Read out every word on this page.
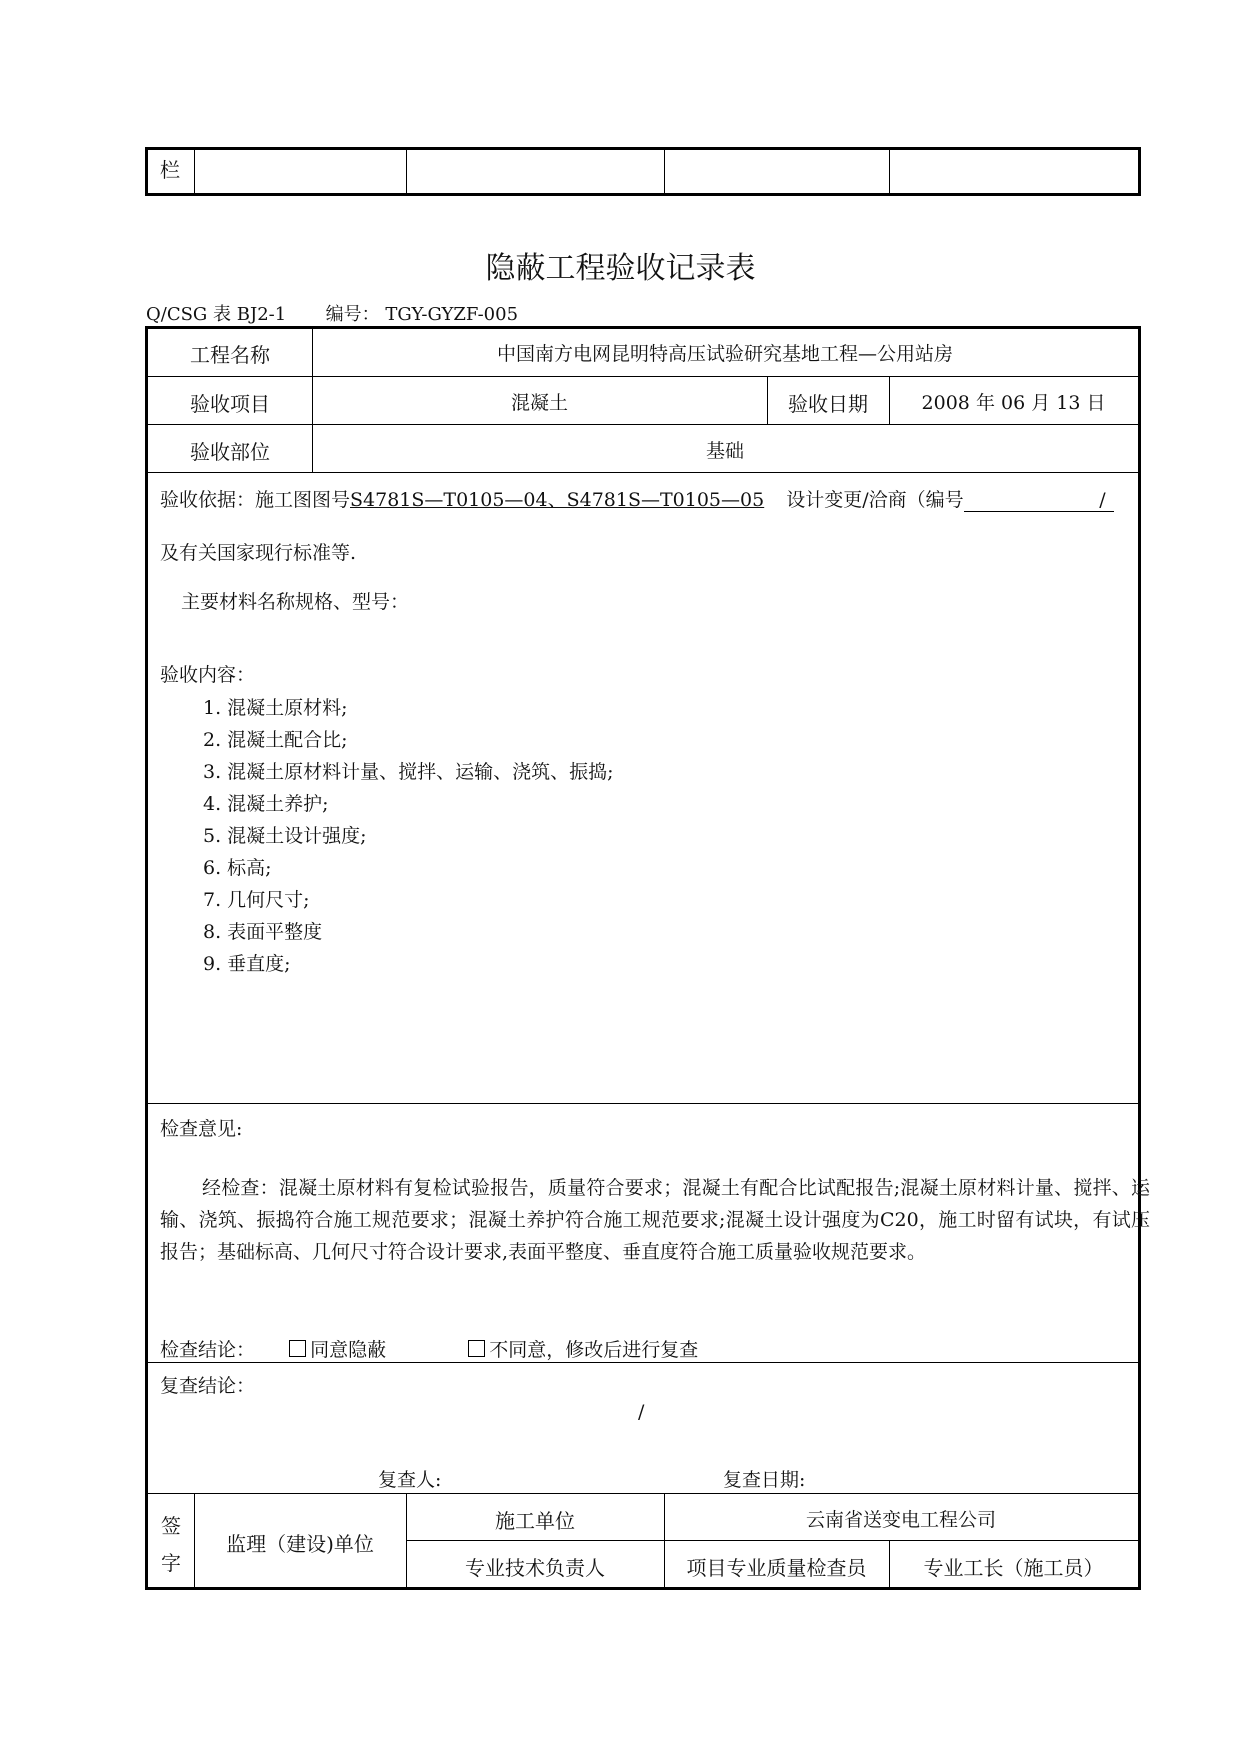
栏
隐蔽工程验收记录表
Q/CSG 表 BJ2-1 编号： TGY-GYZF-005
工程名称	中国南方电网昆明特高压试验研究基地工程—公用站房
验收项目	混凝土	验收日期	2008 年 06 月 13 日
验收部位	基础
验收依据：施工图图号S4781S—T0105—04、S4781S—T0105—05 设计变更/洽商（编号	/
及有关国家现行标准等.
主要材料名称规格、型号：
验收内容：
1. 混凝土原材料;
2. 混凝土配合比;
3. 混凝土原材料计量、搅拌、运输、浇筑、振捣;
4. 混凝土养护;
5. 混凝土设计强度;
6. 标高;
7. 几何尺寸;
8. 表面平整度
9. 垂直度;
检查意见:
经检查：混凝土原材料有复检试验报告，质量符合要求；混凝土有配合比试配报告;混凝土原材料计量、搅拌、运输、浇筑、振捣符合施工规范要求；混凝土养护符合施工规范要求;混凝土设计强度为C20，施工时留有试块，有试压报告；基础标高、几何尺寸符合设计要求,表面平整度、垂直度符合施工质量验收规范要求。
检查结论：	同意隐蔽	不同意，修改后进行复查
复查结论：
/
复查人:	复查日期:
签
字
监理（建设)单位
施工单位	云南省送变电工程公司
专业技术负责人	项目专业质量检查员	专业工长（施工员）
